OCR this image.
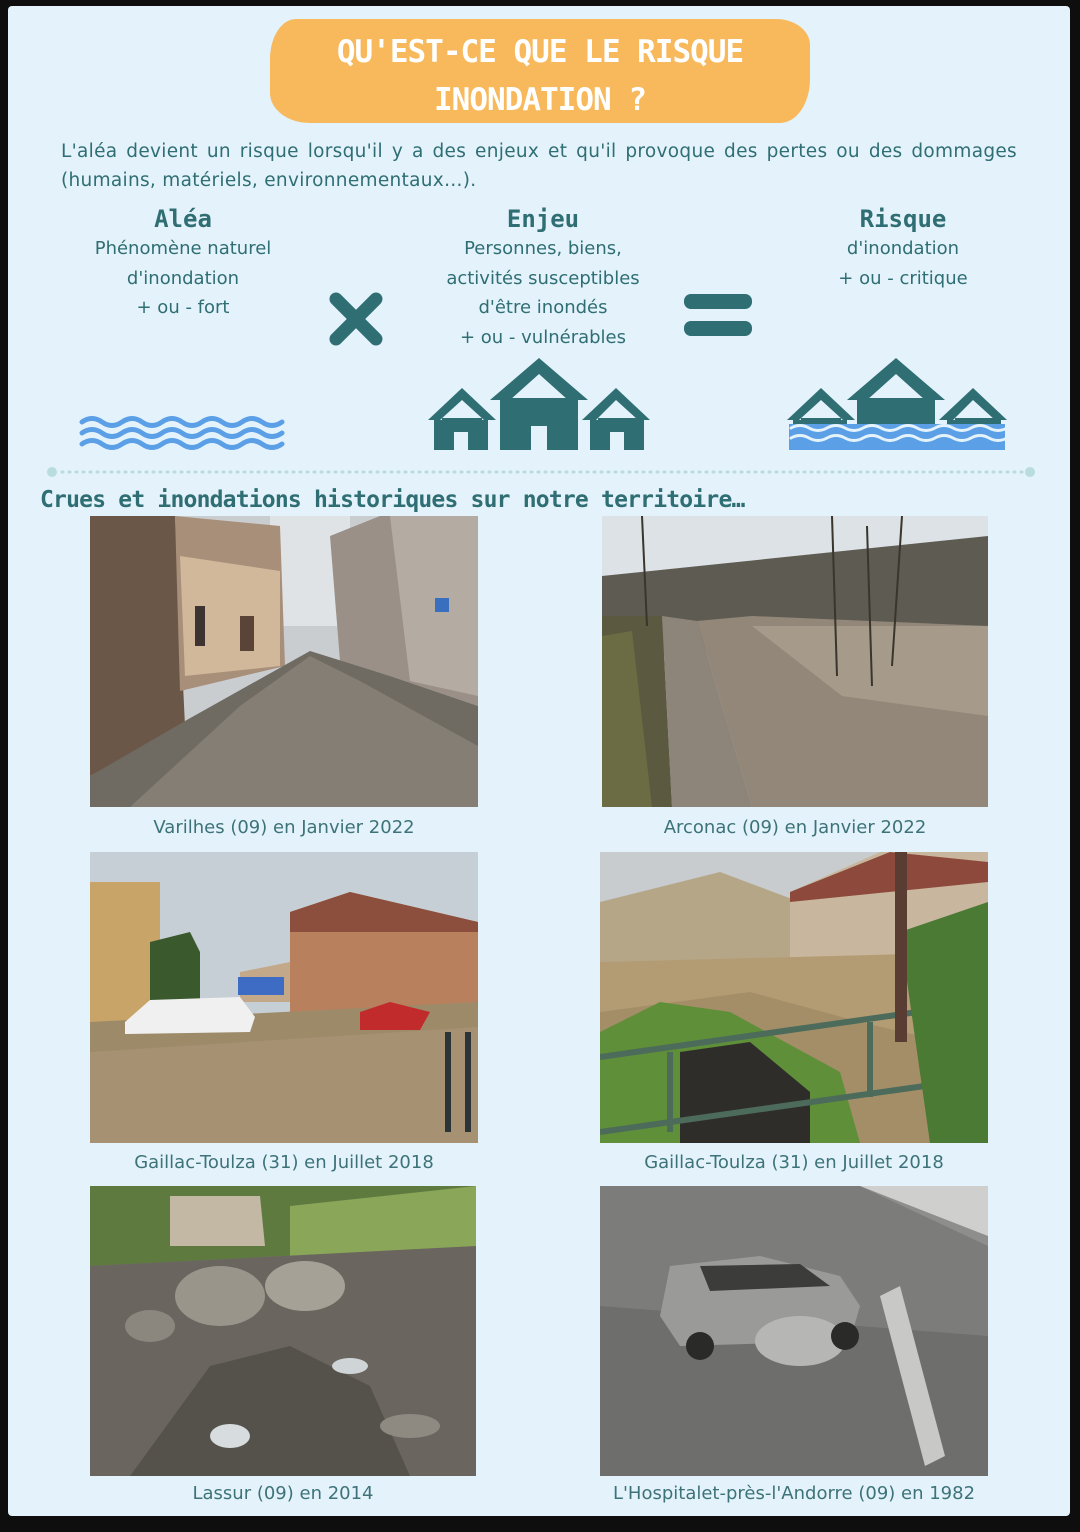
QU'EST-CE QUE LE RISQUE
INONDATION ?

L'aléa devient un risque lorsqu'il y a des enjeux et qu'il provoque des pertes ou des dommages (humains, matériels, environnementaux…).

Aléa
Phénomène naturel
d'inondation
+ ou - fort
Enjeu
Personnes, biens,
activités susceptibles
d'être inondés
+ ou - vulnérables
Risque
d'inondation
+ ou - critique
Crues et inondations historiques sur notre territoire…
Varilhes (09) en Janvier 2022	Arconac (09) en Janvier 2022
Gaillac-Toulza (31) en Juillet 2018	Gaillac-Toulza (31) en Juillet 2018
Lassur (09) en 2014	L'Hospitalet-près-l'Andorre (09) en 1982
